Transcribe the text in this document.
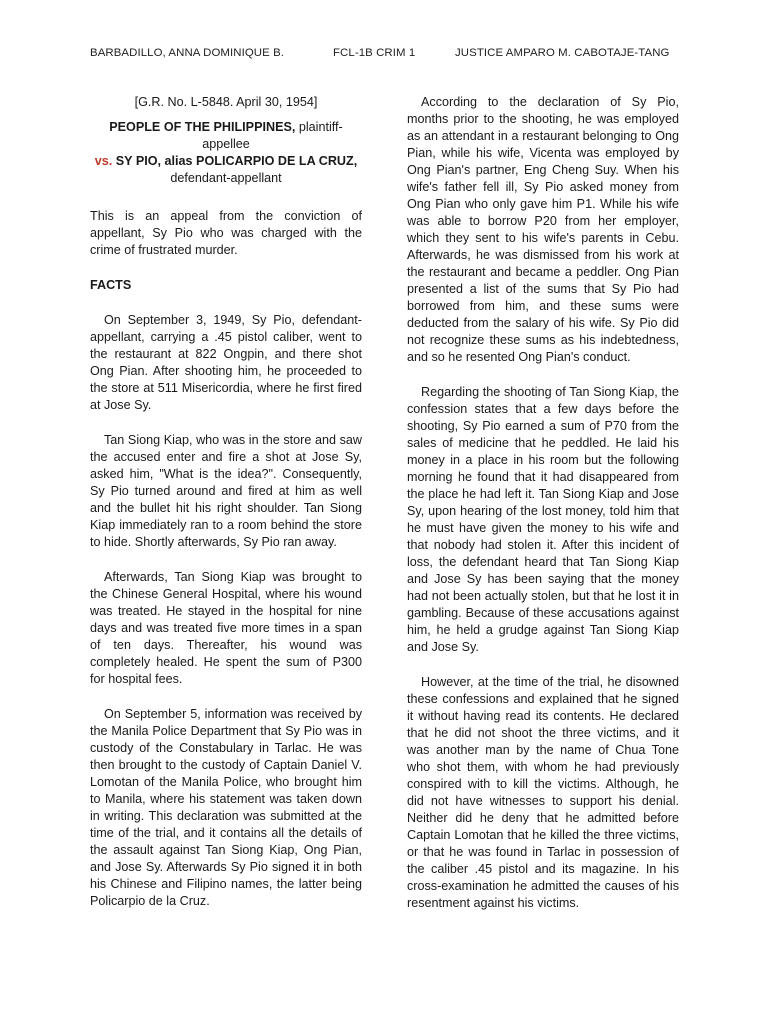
BARBADILLO, ANNA DOMINIQUE B.	FCL-1B CRIM 1	JUSTICE AMPARO M. CABOTAJE-TANG
[G.R. No. L-5848. April 30, 1954]
PEOPLE OF THE PHILIPPINES, plaintiff-appellee
vs. SY PIO, alias POLICARPIO DE LA CRUZ,
defendant-appellant

This is an appeal from the conviction of appellant, Sy Pio who was charged with the crime of frustrated murder.

FACTS

On September 3, 1949, Sy Pio, defendant-appellant, carrying a .45 pistol caliber, went to the restaurant at 822 Ongpin, and there shot Ong Pian. After shooting him, he proceeded to the store at 511 Misericordia, where he first fired at Jose Sy.

Tan Siong Kiap, who was in the store and saw the accused enter and fire a shot at Jose Sy, asked him, "What is the idea?". Consequently, Sy Pio turned around and fired at him as well and the bullet hit his right shoulder. Tan Siong Kiap immediately ran to a room behind the store to hide. Shortly afterwards, Sy Pio ran away.

Afterwards, Tan Siong Kiap was brought to the Chinese General Hospital, where his wound was treated. He stayed in the hospital for nine days and was treated five more times in a span of ten days. Thereafter, his wound was completely healed. He spent the sum of P300 for hospital fees.

On September 5, information was received by the Manila Police Department that Sy Pio was in custody of the Constabulary in Tarlac. He was then brought to the custody of Captain Daniel V. Lomotan of the Manila Police, who brought him to Manila, where his statement was taken down in writing. This declaration was submitted at the time of the trial, and it contains all the details of the assault against Tan Siong Kiap, Ong Pian, and Jose Sy. Afterwards Sy Pio signed it in both his Chinese and Filipino names, the latter being Policarpio de la Cruz.

According to the declaration of Sy Pio, months prior to the shooting, he was employed as an attendant in a restaurant belonging to Ong Pian, while his wife, Vicenta was employed by Ong Pian's partner, Eng Cheng Suy. When his wife's father fell ill, Sy Pio asked money from Ong Pian who only gave him P1. While his wife was able to borrow P20 from her employer, which they sent to his wife's parents in Cebu. Afterwards, he was dismissed from his work at the restaurant and became a peddler. Ong Pian presented a list of the sums that Sy Pio had borrowed from him, and these sums were deducted from the salary of his wife. Sy Pio did not recognize these sums as his indebtedness, and so he resented Ong Pian's conduct.

Regarding the shooting of Tan Siong Kiap, the confession states that a few days before the shooting, Sy Pio earned a sum of P70 from the sales of medicine that he peddled. He laid his money in a place in his room but the following morning he found that it had disappeared from the place he had left it. Tan Siong Kiap and Jose Sy, upon hearing of the lost money, told him that he must have given the money to his wife and that nobody had stolen it. After this incident of loss, the defendant heard that Tan Siong Kiap and Jose Sy has been saying that the money had not been actually stolen, but that he lost it in gambling. Because of these accusations against him, he held a grudge against Tan Siong Kiap and Jose Sy.

However, at the time of the trial, he disowned these confessions and explained that he signed it without having read its contents. He declared that he did not shoot the three victims, and it was another man by the name of Chua Tone who shot them, with whom he had previously conspired with to kill the victims. Although, he did not have witnesses to support his denial. Neither did he deny that he admitted before Captain Lomotan that he killed the three victims, or that he was found in Tarlac in possession of the caliber .45 pistol and its magazine. In his cross-examination he admitted the causes of his resentment against his victims.
